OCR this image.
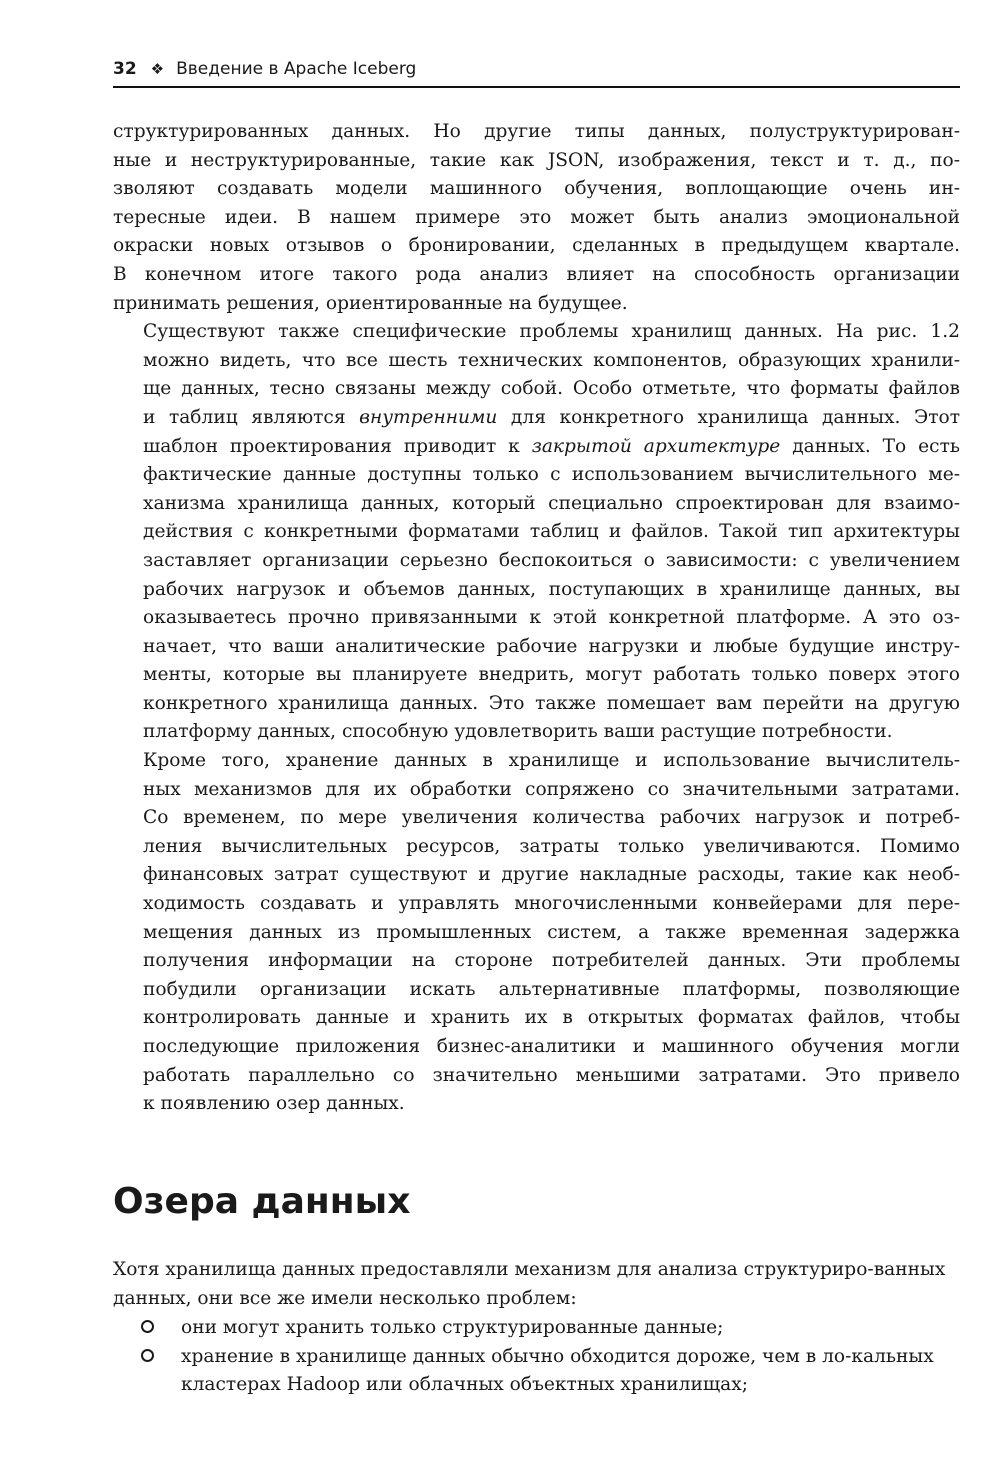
32 ❖ Введение в Apache Iceberg

структурированных данных. Но другие типы данных, полуструктурирован-
ные и неструктурированные, такие как JSON, изображения, текст и т. д., по-
зволяют создавать модели машинного обучения, воплощающие очень ин-
тересные идеи. В нашем примере это может быть анализ эмоциональной
окраски новых отзывов о бронировании, сделанных в предыдущем квартале.
В конечном итоге такого рода анализ влияет на способность организации
принимать решения, ориентированные на будущее.

Существуют также специфические проблемы хранилищ данных. На рис. 1.2
можно видеть, что все шесть технических компонентов, образующих хранили-
ще данных, тесно связаны между собой. Особо отметьте, что форматы файлов
и таблиц являются внутренними для конкретного хранилища данных. Этот
шаблон проектирования приводит к закрытой архитектуре данных. То есть
фактические данные доступны только с использованием вычислительного ме-
ханизма хранилища данных, который специально спроектирован для взаимо-
действия с конкретными форматами таблиц и файлов. Такой тип архитектуры
заставляет организации серьезно беспокоиться о зависимости: с увеличением
рабочих нагрузок и объемов данных, поступающих в хранилище данных, вы
оказываетесь прочно привязанными к этой конкретной платформе. А это оз-
начает, что ваши аналитические рабочие нагрузки и любые будущие инстру-
менты, которые вы планируете внедрить, могут работать только поверх этого
конкретного хранилища данных. Это также помешает вам перейти на другую
платформу данных, способную удовлетворить ваши растущие потребности.

Кроме того, хранение данных в хранилище и использование вычислитель-
ных механизмов для их обработки сопряжено со значительными затратами.
Со временем, по мере увеличения количества рабочих нагрузок и потреб-
ления вычислительных ресурсов, затраты только увеличиваются. Помимо
финансовых затрат существуют и другие накладные расходы, такие как необ-
ходимость создавать и управлять многочисленными конвейерами для пере-
мещения данных из промышленных систем, а также временная задержка
получения информации на стороне потребителей данных. Эти проблемы
побудили организации искать альтернативные платформы, позволяющие
контролировать данные и хранить их в открытых форматах файлов, чтобы
последующие приложения бизнес-аналитики и машинного обучения могли
работать параллельно со значительно меньшими затратами. Это привело
к появлению озер данных.

Озера данных
Хотя хранилища данных предоставляли механизм для анализа структуриро-ванных данных, они все же имели несколько проблем:
они могут хранить только структурированные данные;
хранение в хранилище данных обычно обходится дороже, чем в ло-кальных кластерах Hadoop или облачных объектных хранилищах;
